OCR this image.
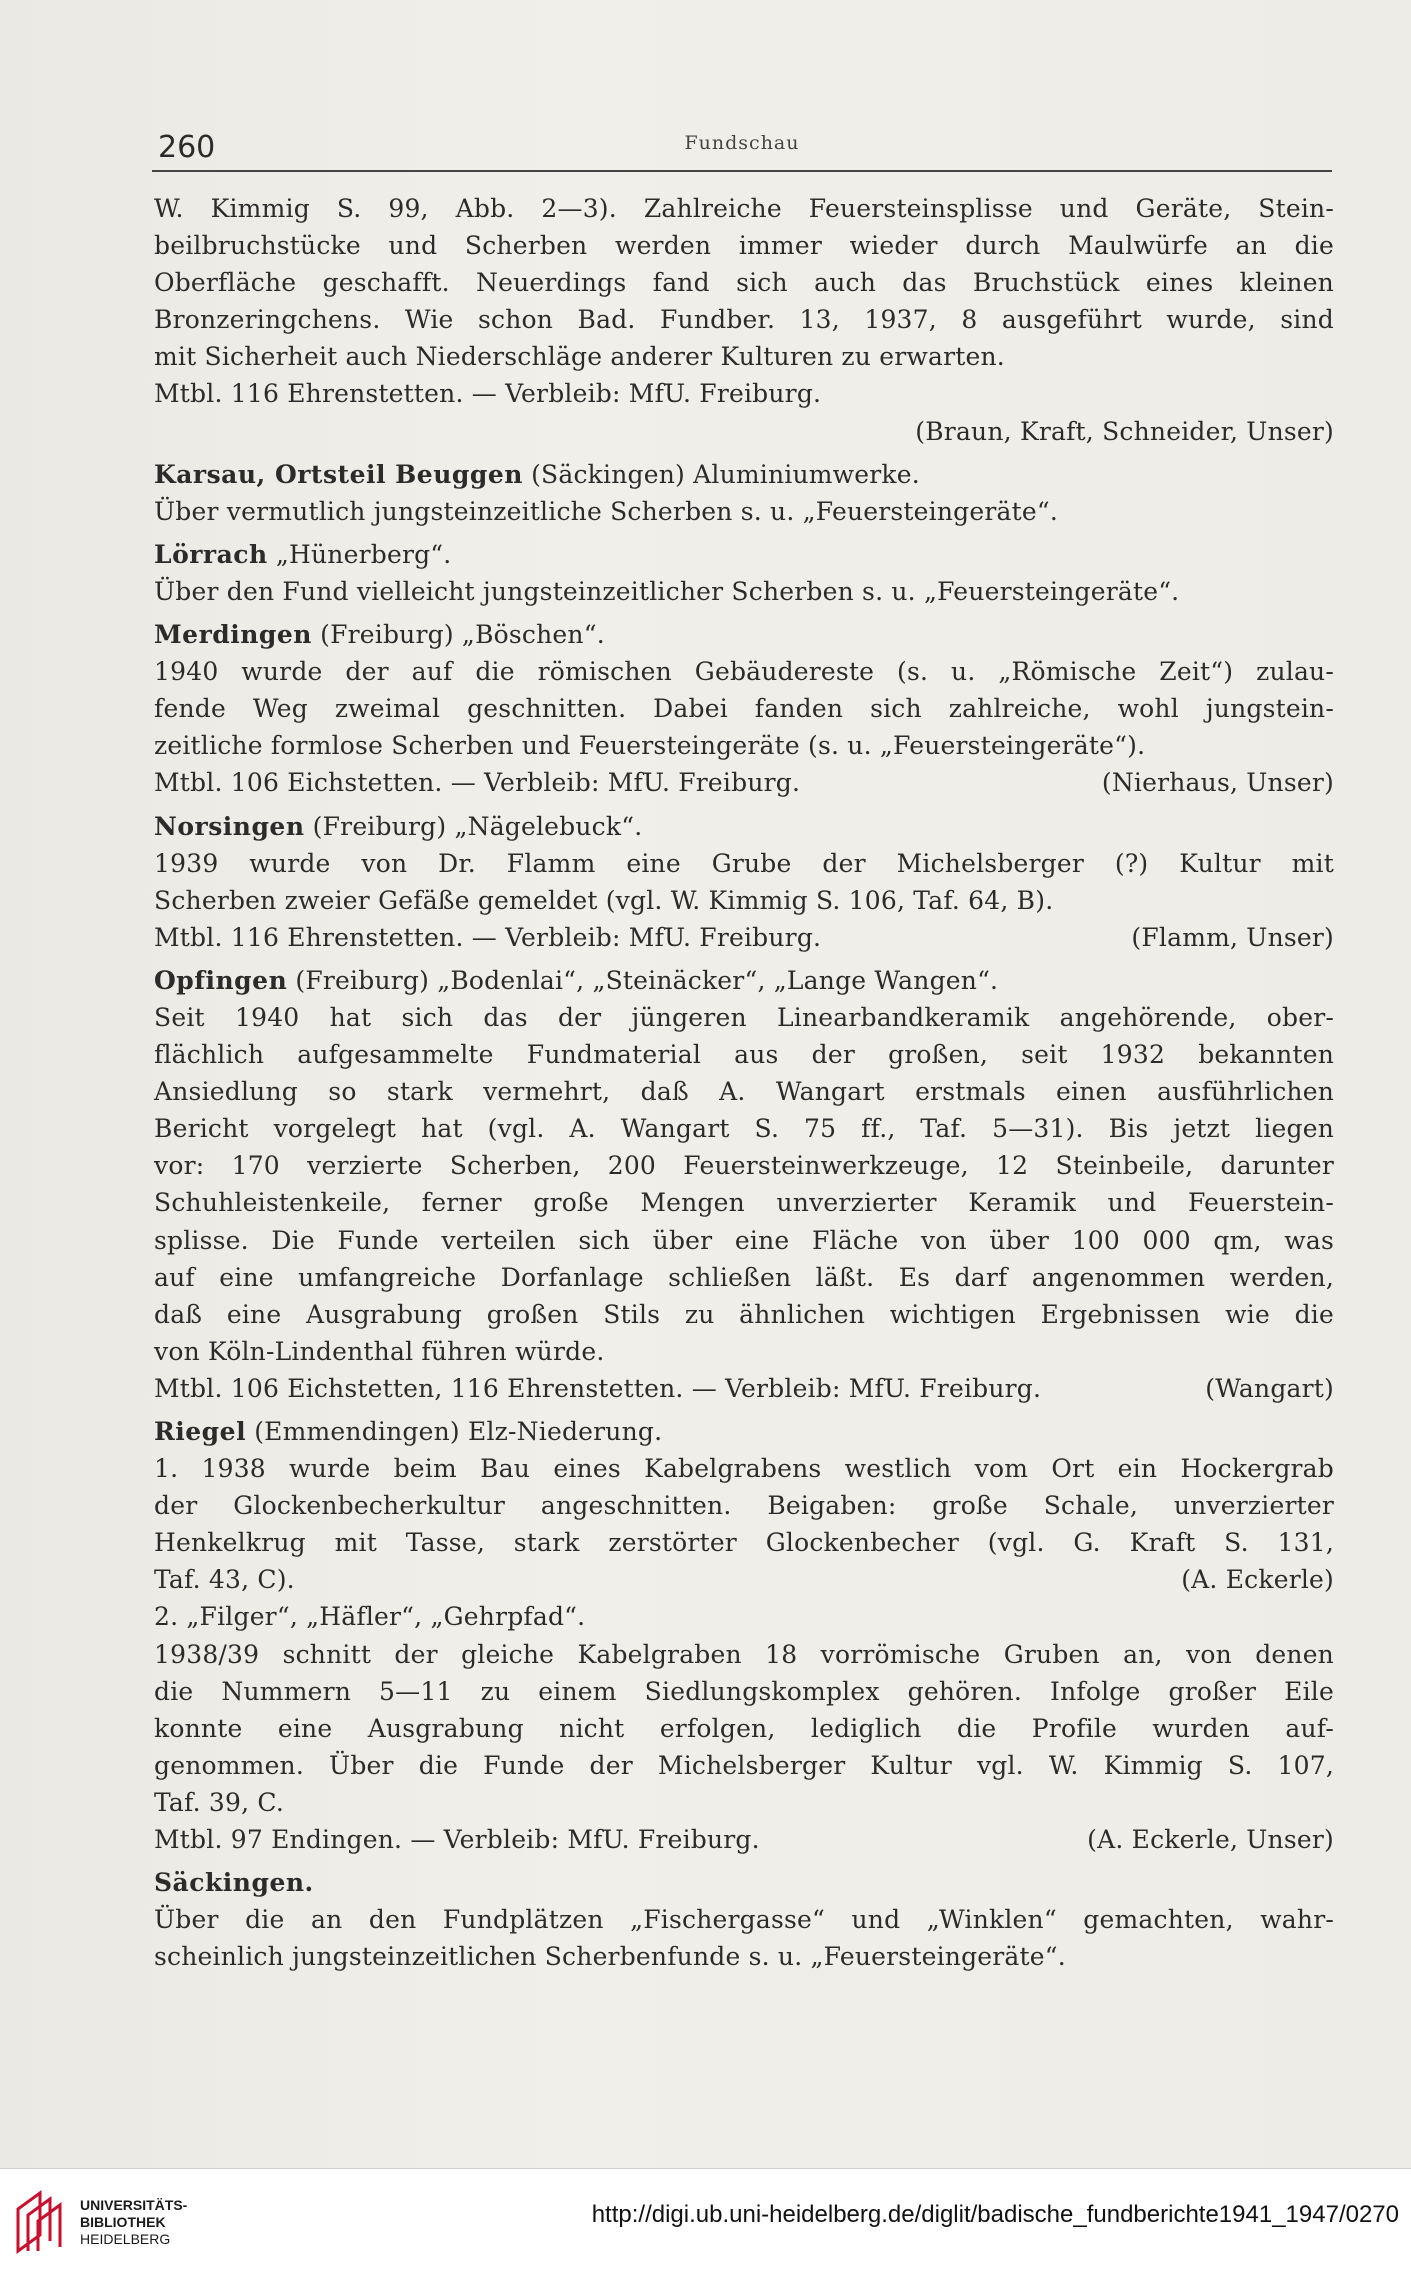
260	Fundschau

W. Kimmig S. 99, Abb. 2—3). Zahlreiche Feuersteinsplisse und Geräte, Stein-

beilbruchstücke und Scherben werden immer wieder durch Maulwürfe an die

Oberfläche geschafft. Neuerdings fand sich auch das Bruchstück eines kleinen

Bronzeringchens. Wie schon Bad. Fundber. 13, 1937, 8 ausgeführt wurde, sind

mit Sicherheit auch Niederschläge anderer Kulturen zu erwarten.

Mtbl. 116 Ehrenstetten. — Verbleib: MfU. Freiburg.

(Braun, Kraft, Schneider, Unser)

Karsau, Ortsteil Beuggen (Säckingen) Aluminiumwerke.

Über vermutlich jungsteinzeitliche Scherben s. u. „Feuersteingeräte“.

Lörrach „Hünerberg“.

Über den Fund vielleicht jungsteinzeitlicher Scherben s. u. „Feuersteingeräte“.

Merdingen (Freiburg) „Böschen“.

1940 wurde der auf die römischen Gebäudereste (s. u. „Römische Zeit“) zulau-

fende Weg zweimal geschnitten. Dabei fanden sich zahlreiche, wohl jungstein-

zeitliche formlose Scherben und Feuersteingeräte (s. u. „Feuersteingeräte“).

Mtbl. 106 Eichstetten. — Verbleib: MfU. Freiburg.	(Nierhaus, Unser)

Norsingen (Freiburg) „Nägelebuck“.

1939 wurde von Dr. Flamm eine Grube der Michelsberger (?) Kultur mit

Scherben zweier Gefäße gemeldet (vgl. W. Kimmig S. 106, Taf. 64, B).

Mtbl. 116 Ehrenstetten. — Verbleib: MfU. Freiburg.	(Flamm, Unser)

Opfingen (Freiburg) „Bodenlai“, „Steinäcker“, „Lange Wangen“.

Seit 1940 hat sich das der jüngeren Linearbandkeramik angehörende, ober-

flächlich aufgesammelte Fundmaterial aus der großen, seit 1932 bekannten

Ansiedlung so stark vermehrt, daß A. Wangart erstmals einen ausführlichen

Bericht vorgelegt hat (vgl. A. Wangart S. 75 ff., Taf. 5—31). Bis jetzt liegen

vor: 170 verzierte Scherben, 200 Feuersteinwerkzeuge, 12 Steinbeile, darunter

Schuhleistenkeile, ferner große Mengen unverzierter Keramik und Feuerstein-

splisse. Die Funde verteilen sich über eine Fläche von über 100 000 qm, was

auf eine umfangreiche Dorfanlage schließen läßt. Es darf angenommen werden,

daß eine Ausgrabung großen Stils zu ähnlichen wichtigen Ergebnissen wie die

von Köln-Lindenthal führen würde.

Mtbl. 106 Eichstetten, 116 Ehrenstetten. — Verbleib: MfU. Freiburg.	(Wangart)

Riegel (Emmendingen) Elz-Niederung.

1. 1938 wurde beim Bau eines Kabelgrabens westlich vom Ort ein Hockergrab

der Glockenbecherkultur angeschnitten. Beigaben: große Schale, unverzierter

Henkelkrug mit Tasse, stark zerstörter Glockenbecher (vgl. G. Kraft S. 131,

Taf. 43, C).	(A. Eckerle)

2. „Filger“, „Häfler“, „Gehrpfad“.

1938/39 schnitt der gleiche Kabelgraben 18 vorrömische Gruben an, von denen

die Nummern 5—11 zu einem Siedlungskomplex gehören. Infolge großer Eile

konnte eine Ausgrabung nicht erfolgen, lediglich die Profile wurden auf-

genommen. Über die Funde der Michelsberger Kultur vgl. W. Kimmig S. 107,

Taf. 39, C.

Mtbl. 97 Endingen. — Verbleib: MfU. Freiburg.	(A. Eckerle, Unser)

Säckingen.

Über die an den Fundplätzen „Fischergasse“ und „Winklen“ gemachten, wahr-

scheinlich jungsteinzeitlichen Scherbenfunde s. u. „Feuersteingeräte“.

UNIVERSITÄTS-
BIBLIOTHEK
HEIDELBERG
http://digi.ub.uni-heidelberg.de/diglit/badische_fundberichte1941_1947/0270
